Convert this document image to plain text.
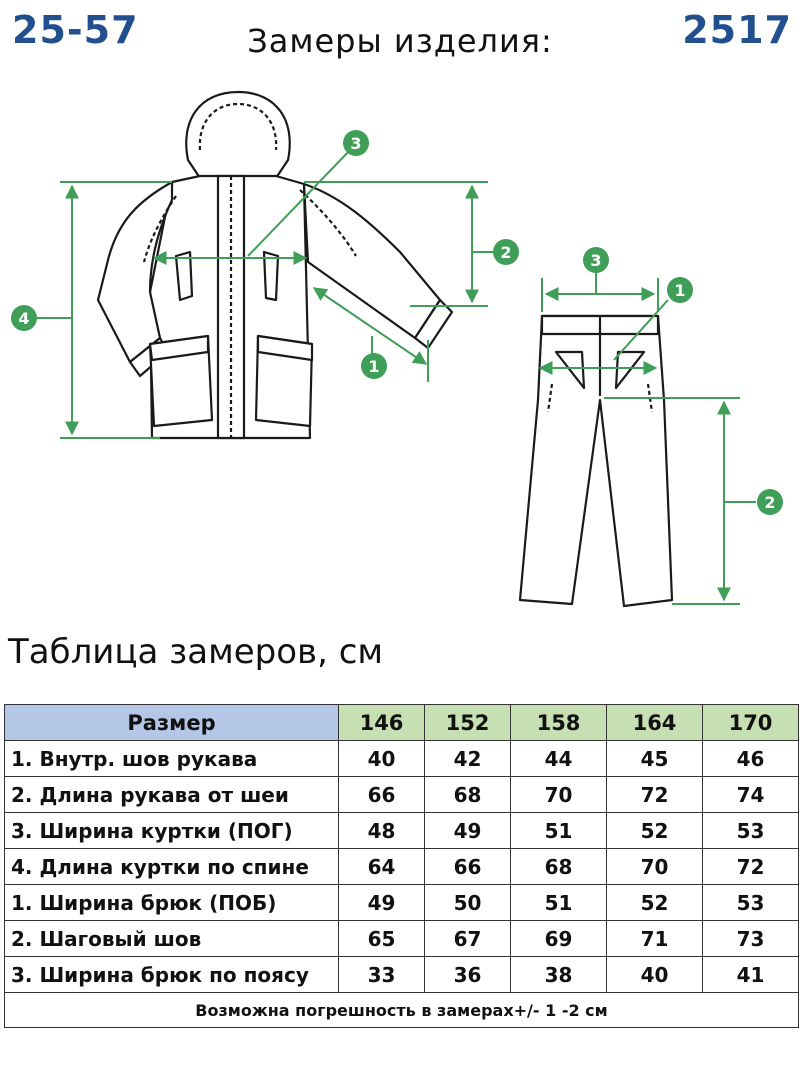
25-57	2517
Замеры изделия:
4
3
2
1
3
1
2
Таблица замеров, см
Размер	146	152	158	164	170
1. Внутр. шов рукава	40	42	44	45	46
2. Длина рукава от шеи	66	68	70	72	74
3. Ширина куртки (ПОГ)	48	49	51	52	53
4. Длина куртки по спине	64	66	68	70	72
1. Ширина брюк (ПОБ)	49	50	51	52	53
2. Шаговый шов	65	67	69	71	73
3. Ширина брюк по поясу	33	36	38	40	41
Возможна погрешность в замерах+/- 1 -2 см					
